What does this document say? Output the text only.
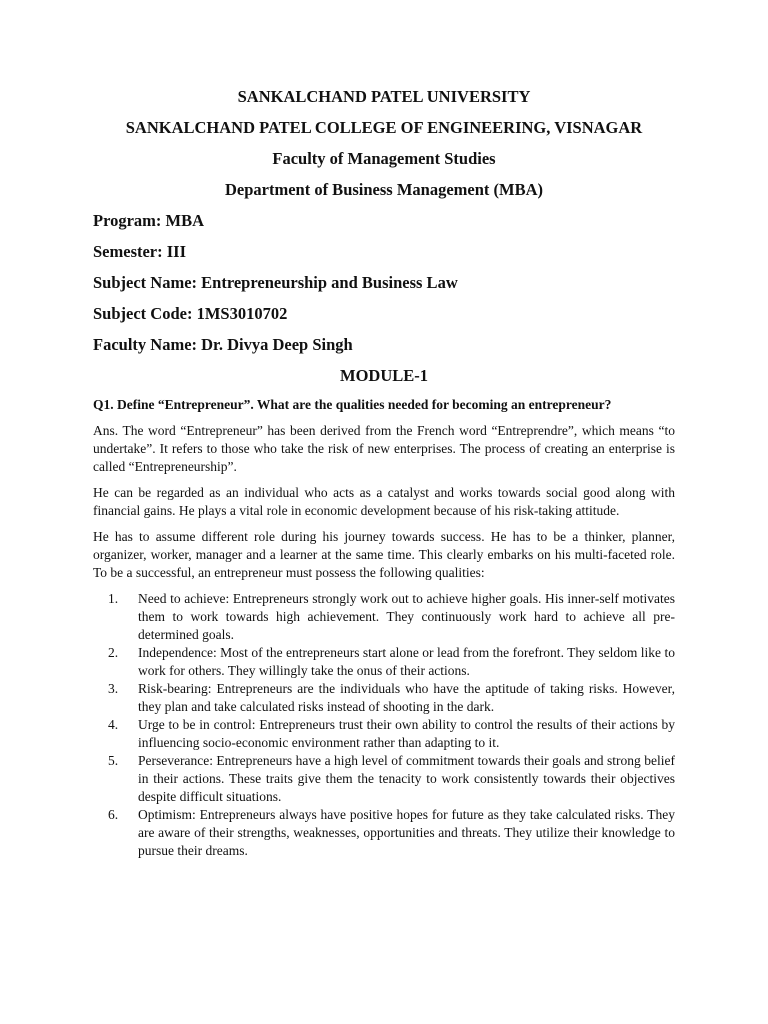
SANKALCHAND PATEL UNIVERSITY
SANKALCHAND PATEL COLLEGE OF ENGINEERING, VISNAGAR
Faculty of Management Studies
Department of Business Management (MBA)
Program: MBA
Semester: III
Subject Name: Entrepreneurship and Business Law
Subject Code: 1MS3010702
Faculty Name: Dr. Divya Deep Singh
MODULE-1
Q1. Define “Entrepreneur”. What are the qualities needed for becoming an entrepreneur?

Ans. The word “Entrepreneur” has been derived from the French word “Entreprendre”, which means “to undertake”. It refers to those who take the risk of new enterprises. The process of creating an enterprise is called “Entrepreneurship”.

He can be regarded as an individual who acts as a catalyst and works towards social good along with financial gains. He plays a vital role in economic development because of his risk-taking attitude.

He has to assume different role during his journey towards success. He has to be a thinker, planner, organizer, worker, manager and a learner at the same time. This clearly embarks on his multi-faceted role. To be a successful, an entrepreneur must possess the following qualities:

1. Need to achieve: Entrepreneurs strongly work out to achieve higher goals. His inner-self motivates them to work towards high achievement. They continuously work hard to achieve all pre-determined goals.
2. Independence: Most of the entrepreneurs start alone or lead from the forefront. They seldom like to work for others. They willingly take the onus of their actions.
3. Risk-bearing: Entrepreneurs are the individuals who have the aptitude of taking risks. However, they plan and take calculated risks instead of shooting in the dark.
4. Urge to be in control: Entrepreneurs trust their own ability to control the results of their actions by influencing socio-economic environment rather than adapting to it.
5. Perseverance: Entrepreneurs have a high level of commitment towards their goals and strong belief in their actions. These traits give them the tenacity to work consistently towards their objectives despite difficult situations.
6. Optimism: Entrepreneurs always have positive hopes for future as they take calculated risks. They are aware of their strengths, weaknesses, opportunities and threats. They utilize their knowledge to pursue their dreams.
